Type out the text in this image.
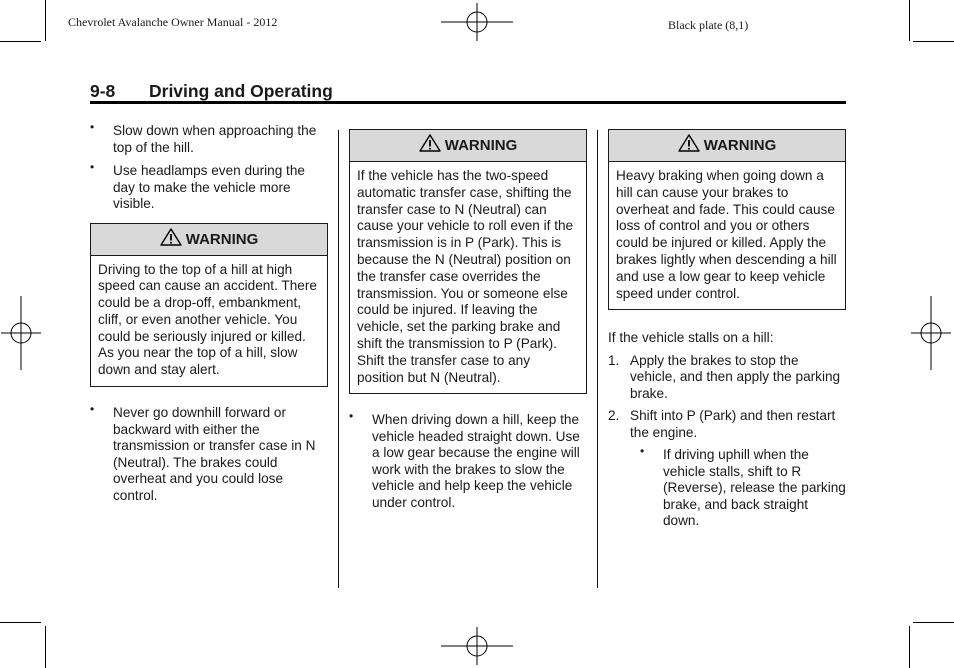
Chevrolet Avalanche Owner Manual - 2012	Black plate (8,1)
9-8 Driving and Operating
• Slow down when approaching the top of the hill.
• Use headlamps even during the day to make the vehicle more visible.
WARNING
Driving to the top of a hill at high speed can cause an accident. There could be a drop-off, embankment, cliff, or even another vehicle. You could be seriously injured or killed. As you near the top of a hill, slow down and stay alert.
• Never go downhill forward or backward with either the transmission or transfer case in N (Neutral). The brakes could overheat and you could lose control.
WARNING
If the vehicle has the two-speed automatic transfer case, shifting the transfer case to N (Neutral) can cause your vehicle to roll even if the transmission is in P (Park). This is because the N (Neutral) position on the transfer case overrides the transmission. You or someone else could be injured. If leaving the vehicle, set the parking brake and shift the transmission to P (Park). Shift the transfer case to any position but N (Neutral).
• When driving down a hill, keep the vehicle headed straight down. Use a low gear because the engine will work with the brakes to slow the vehicle and help keep the vehicle under control.
WARNING
Heavy braking when going down a hill can cause your brakes to overheat and fade. This could cause loss of control and you or others could be injured or killed. Apply the brakes lightly when descending a hill and use a low gear to keep vehicle speed under control.

If the vehicle stalls on a hill:

1. Apply the brakes to stop the vehicle, and then apply the parking brake.
2. Shift into P (Park) and then restart the engine.
• If driving uphill when the vehicle stalls, shift to R (Reverse), release the parking brake, and back straight down.
